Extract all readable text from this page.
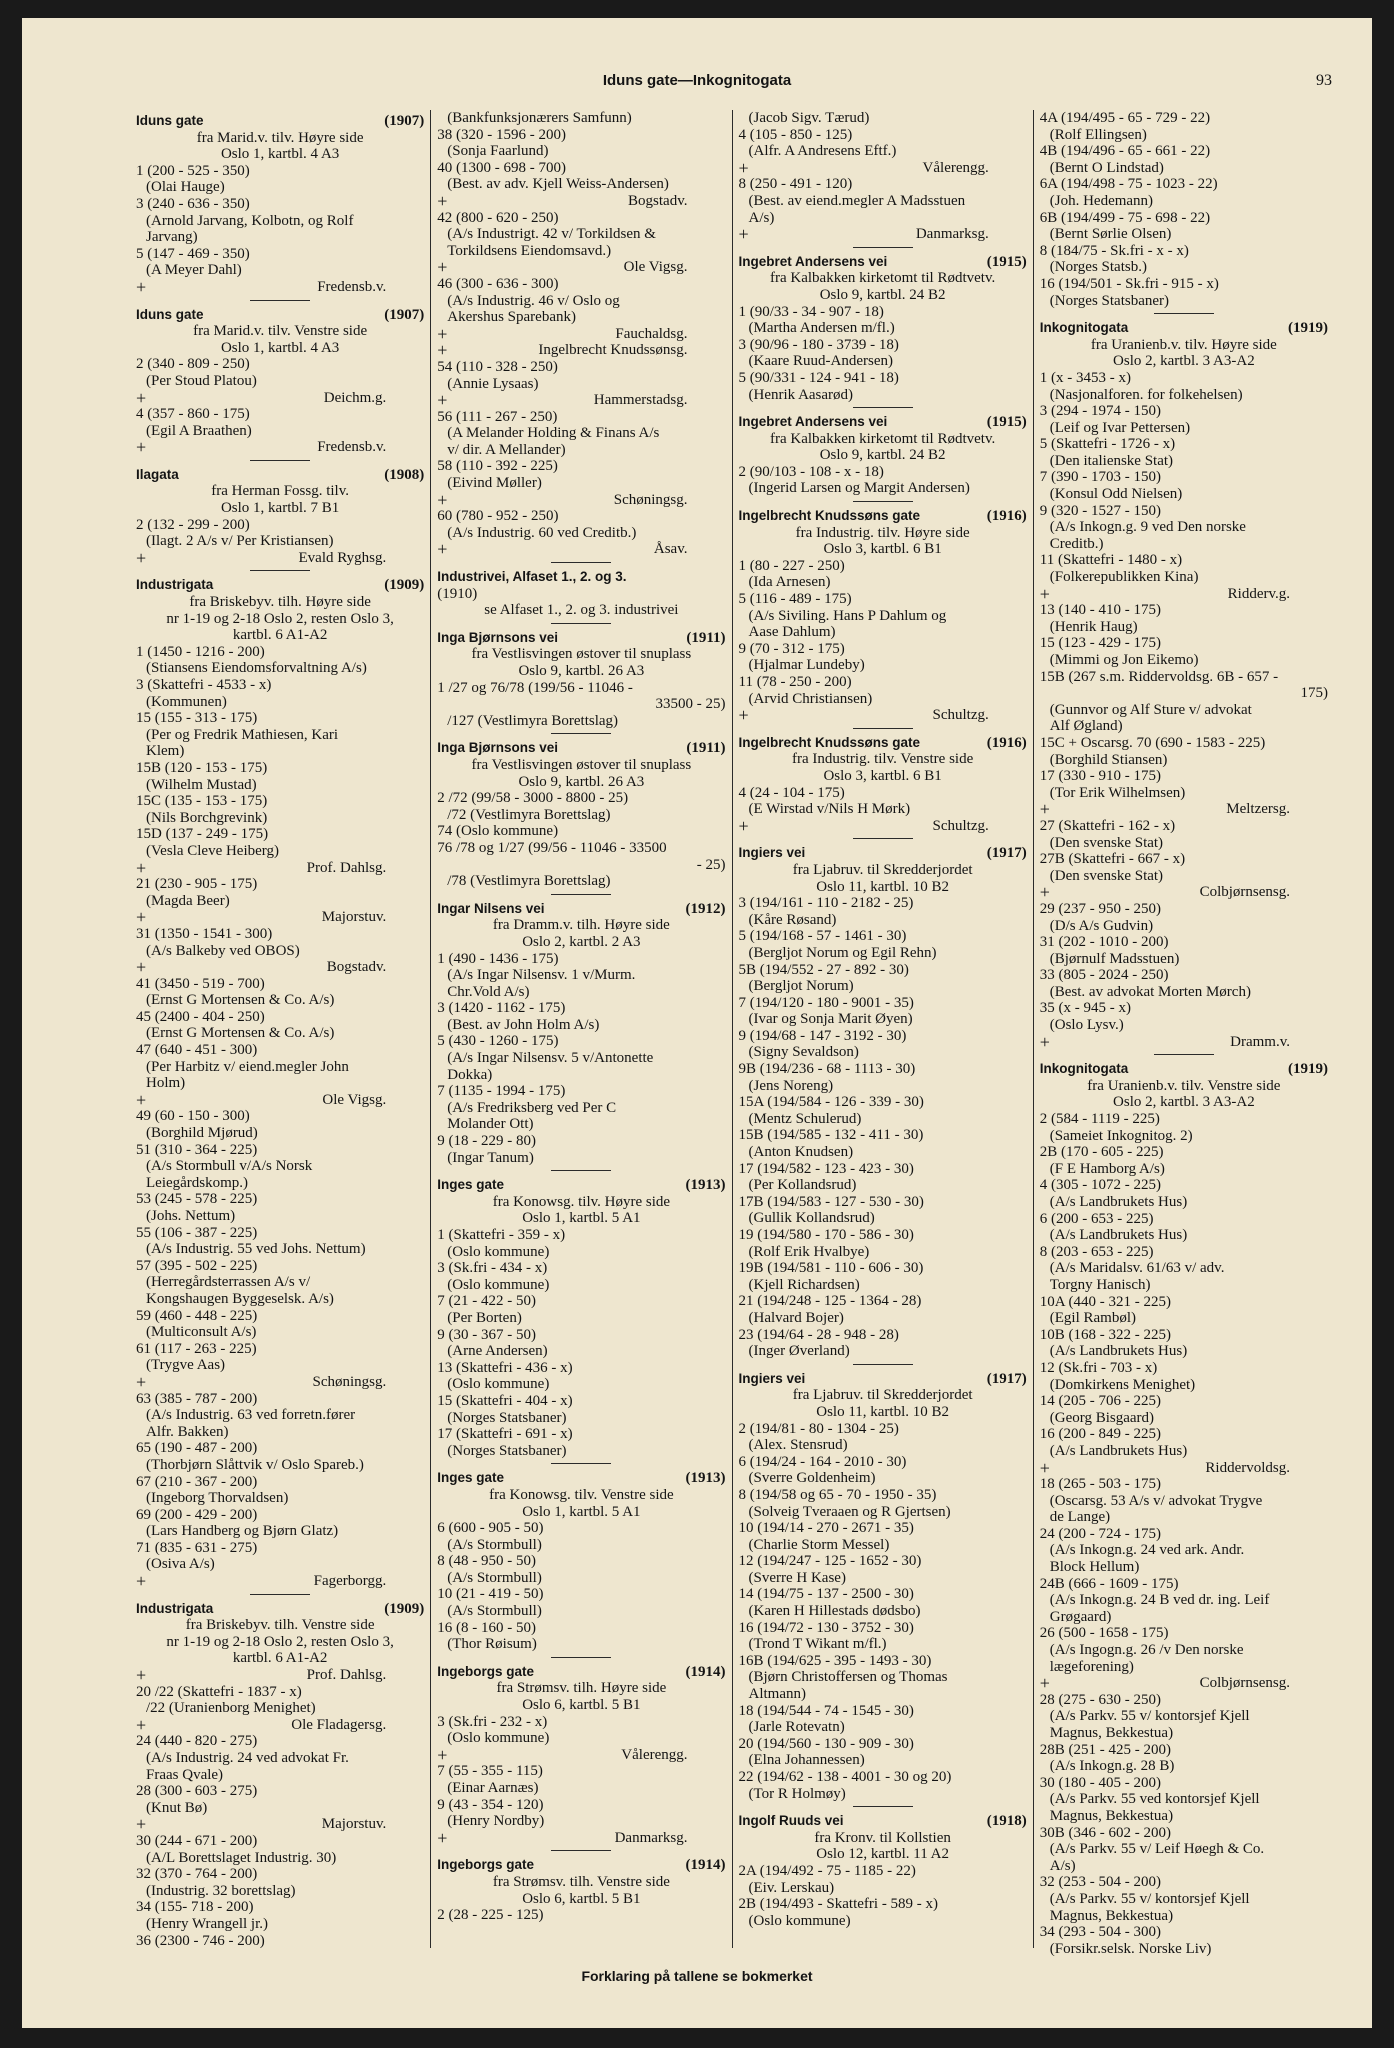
Iduns gate—Inkognitogata	93
Iduns gate	(1907)
fra Marid.v. tilv. Høyre side
Oslo 1, kartbl. 4 A3
1 (200 - 525 - 350)
(Olai Hauge)
3 (240 - 636 - 350)
(Arnold Jarvang, Kolbotn, og Rolf
Jarvang)
5 (147 - 469 - 350)
(A Meyer Dahl)
+	Fredensb.v.
Iduns gate	(1907)
fra Marid.v. tilv. Venstre side
Oslo 1, kartbl. 4 A3
2 (340 - 809 - 250)
(Per Stoud Platou)
+	Deichm.g.
4 (357 - 860 - 175)
(Egil A Braathen)
+	Fredensb.v.
Ilagata	(1908)
fra Herman Fossg. tilv.
Oslo 1, kartbl. 7 B1
2 (132 - 299 - 200)
(Ilagt. 2 A/s v/ Per Kristiansen)
+	Evald Ryghsg.
Industrigata	(1909)
fra Briskebyv. tilh. Høyre side
nr 1-19 og 2-18 Oslo 2, resten Oslo 3,
kartbl. 6 A1-A2
1 (1450 - 1216 - 200)
(Stiansens Eiendomsforvaltning A/s)
3 (Skattefri - 4533 - x)
(Kommunen)
15 (155 - 313 - 175)
(Per og Fredrik Mathiesen, Kari
Klem)
15B (120 - 153 - 175)
(Wilhelm Mustad)
15C (135 - 153 - 175)
(Nils Borchgrevink)
15D (137 - 249 - 175)
(Vesla Cleve Heiberg)
+	Prof. Dahlsg.
21 (230 - 905 - 175)
(Magda Beer)
+	Majorstuv.
31 (1350 - 1541 - 300)
(A/s Balkeby ved OBOS)
+	Bogstadv.
41 (3450 - 519 - 700)
(Ernst G Mortensen & Co. A/s)
45 (2400 - 404 - 250)
(Ernst G Mortensen & Co. A/s)
47 (640 - 451 - 300)
(Per Harbitz v/ eiend.megler John
Holm)
+	Ole Vigsg.
49 (60 - 150 - 300)
(Borghild Mjørud)
51 (310 - 364 - 225)
(A/s Stormbull v/A/s Norsk
Leiegårdskomp.)
53 (245 - 578 - 225)
(Johs. Nettum)
55 (106 - 387 - 225)
(A/s Industrig. 55 ved Johs. Nettum)
57 (395 - 502 - 225)
(Herregårdsterrassen A/s v/
Kongshaugen Byggeselsk. A/s)
59 (460 - 448 - 225)
(Multiconsult A/s)
61 (117 - 263 - 225)
(Trygve Aas)
+	Schøningsg.
63 (385 - 787 - 200)
(A/s Industrig. 63 ved forretn.fører
Alfr. Bakken)
65 (190 - 487 - 200)
(Thorbjørn Slåttvik v/ Oslo Spareb.)
67 (210 - 367 - 200)
(Ingeborg Thorvaldsen)
69 (200 - 429 - 200)
(Lars Handberg og Bjørn Glatz)
71 (835 - 631 - 275)
(Osiva A/s)
+	Fagerborgg.
Industrigata	(1909)
fra Briskebyv. tilh. Venstre side
nr 1-19 og 2-18 Oslo 2, resten Oslo 3,
kartbl. 6 A1-A2
+	Prof. Dahlsg.
20 /22 (Skattefri - 1837 - x)
/22 (Uranienborg Menighet)
+	Ole Fladagersg.
24 (440 - 820 - 275)
(A/s Industrig. 24 ved advokat Fr.
Fraas Qvale)
28 (300 - 603 - 275)
(Knut Bø)
+	Majorstuv.
30 (244 - 671 - 200)
(A/L Borettslaget Industrig. 30)
32 (370 - 764 - 200)
(Industrig. 32 borettslag)
34 (155- 718 - 200)
(Henry Wrangell jr.)
36 (2300 - 746 - 200)
(Bankfunksjonærers Samfunn)
38 (320 - 1596 - 200)
(Sonja Faarlund)
40 (1300 - 698 - 700)
(Best. av adv. Kjell Weiss-Andersen)
+	Bogstadv.
42 (800 - 620 - 250)
(A/s Industrigt. 42 v/ Torkildsen &
Torkildsens Eiendomsavd.)
+	Ole Vigsg.
46 (300 - 636 - 300)
(A/s Industrig. 46 v/ Oslo og
Akershus Sparebank)
+	Fauchaldsg.
+	Ingelbrecht Knudssønsg.
54 (110 - 328 - 250)
(Annie Lysaas)
+	Hammerstadsg.
56 (111 - 267 - 250)
(A Melander Holding & Finans A/s
v/ dir. A Mellander)
58 (110 - 392 - 225)
(Eivind Møller)
+	Schøningsg.
60 (780 - 952 - 250)
(A/s Industrig. 60 ved Creditb.)
+	Åsav.
Industrivei, Alfaset 1., 2. og 3.
(1910)
se Alfaset 1., 2. og 3. industrivei
Inga Bjørnsons vei	(1911)
fra Vestlisvingen østover til snuplass
Oslo 9, kartbl. 26 A3
1 /27 og 76/78 (199/56 - 11046 -
33500 - 25)
/127 (Vestlimyra Borettslag)
Inga Bjørnsons vei	(1911)
fra Vestlisvingen østover til snuplass
Oslo 9, kartbl. 26 A3
2 /72 (99/58 - 3000 - 8800 - 25)
/72 (Vestlimyra Borettslag)
74 (Oslo kommune)
76 /78 og 1/27 (99/56 - 11046 - 33500
- 25)
/78 (Vestlimyra Borettslag)
Ingar Nilsens vei	(1912)
fra Dramm.v. tilh. Høyre side
Oslo 2, kartbl. 2 A3
1 (490 - 1436 - 175)
(A/s Ingar Nilsensv. 1 v/Murm.
Chr.Vold A/s)
3 (1420 - 1162 - 175)
(Best. av John Holm A/s)
5 (430 - 1260 - 175)
(A/s Ingar Nilsensv. 5 v/Antonette
Dokka)
7 (1135 - 1994 - 175)
(A/s Fredriksberg ved Per C
Molander Ott)
9 (18 - 229 - 80)
(Ingar Tanum)
Inges gate	(1913)
fra Konowsg. tilv. Høyre side
Oslo 1, kartbl. 5 A1
1 (Skattefri - 359 - x)
(Oslo kommune)
3 (Sk.fri - 434 - x)
(Oslo kommune)
7 (21 - 422 - 50)
(Per Borten)
9 (30 - 367 - 50)
(Arne Andersen)
13 (Skattefri - 436 - x)
(Oslo kommune)
15 (Skattefri - 404 - x)
(Norges Statsbaner)
17 (Skattefri - 691 - x)
(Norges Statsbaner)
Inges gate	(1913)
fra Konowsg. tilv. Venstre side
Oslo 1, kartbl. 5 A1
6 (600 - 905 - 50)
(A/s Stormbull)
8 (48 - 950 - 50)
(A/s Stormbull)
10 (21 - 419 - 50)
(A/s Stormbull)
16 (8 - 160 - 50)
(Thor Røisum)
Ingeborgs gate	(1914)
fra Strømsv. tilh. Høyre side
Oslo 6, kartbl. 5 B1
3 (Sk.fri - 232 - x)
(Oslo kommune)
+	Vålerengg.
7 (55 - 355 - 115)
(Einar Aarnæs)
9 (43 - 354 - 120)
(Henry Nordby)
+	Danmarksg.
Ingeborgs gate	(1914)
fra Strømsv. tilh. Venstre side
Oslo 6, kartbl. 5 B1
2 (28 - 225 - 125)
(Jacob Sigv. Tærud)
4 (105 - 850 - 125)
(Alfr. A Andresens Eftf.)
+	Vålerengg.
8 (250 - 491 - 120)
(Best. av eiend.megler A Madsstuen
A/s)
+	Danmarksg.
Ingebret Andersens vei	(1915)
fra Kalbakken kirketomt til Rødtvetv.
Oslo 9, kartbl. 24 B2
1 (90/33 - 34 - 907 - 18)
(Martha Andersen m/fl.)
3 (90/96 - 180 - 3739 - 18)
(Kaare Ruud-Andersen)
5 (90/331 - 124 - 941 - 18)
(Henrik Aasarød)
Ingebret Andersens vei	(1915)
fra Kalbakken kirketomt til Rødtvetv.
Oslo 9, kartbl. 24 B2
2 (90/103 - 108 - x - 18)
(Ingerid Larsen og Margit Andersen)
Ingelbrecht Knudssøns gate	(1916)
fra Industrig. tilv. Høyre side
Oslo 3, kartbl. 6 B1
1 (80 - 227 - 250)
(Ida Arnesen)
5 (116 - 489 - 175)
(A/s Siviling. Hans P Dahlum og
Aase Dahlum)
9 (70 - 312 - 175)
(Hjalmar Lundeby)
11 (78 - 250 - 200)
(Arvid Christiansen)
+	Schultzg.
Ingelbrecht Knudssøns gate	(1916)
fra Industrig. tilv. Venstre side
Oslo 3, kartbl. 6 B1
4 (24 - 104 - 175)
(E Wirstad v/Nils H Mørk)
+	Schultzg.
Ingiers vei	(1917)
fra Ljabruv. til Skredderjordet
Oslo 11, kartbl. 10 B2
3 (194/161 - 110 - 2182 - 25)
(Kåre Røsand)
5 (194/168 - 57 - 1461 - 30)
(Bergljot Norum og Egil Rehn)
5B (194/552 - 27 - 892 - 30)
(Bergljot Norum)
7 (194/120 - 180 - 9001 - 35)
(Ivar og Sonja Marit Øyen)
9 (194/68 - 147 - 3192 - 30)
(Signy Sevaldson)
9B (194/236 - 68 - 1113 - 30)
(Jens Noreng)
15A (194/584 - 126 - 339 - 30)
(Mentz Schulerud)
15B (194/585 - 132 - 411 - 30)
(Anton Knudsen)
17 (194/582 - 123 - 423 - 30)
(Per Kollandsrud)
17B (194/583 - 127 - 530 - 30)
(Gullik Kollandsrud)
19 (194/580 - 170 - 586 - 30)
(Rolf Erik Hvalbye)
19B (194/581 - 110 - 606 - 30)
(Kjell Richardsen)
21 (194/248 - 125 - 1364 - 28)
(Halvard Bojer)
23 (194/64 - 28 - 948 - 28)
(Inger Øverland)
Ingiers vei	(1917)
fra Ljabruv. til Skredderjordet
Oslo 11, kartbl. 10 B2
2 (194/81 - 80 - 1304 - 25)
(Alex. Stensrud)
6 (194/24 - 164 - 2010 - 30)
(Sverre Goldenheim)
8 (194/58 og 65 - 70 - 1950 - 35)
(Solveig Tveraaen og R Gjertsen)
10 (194/14 - 270 - 2671 - 35)
(Charlie Storm Messel)
12 (194/247 - 125 - 1652 - 30)
(Sverre H Kase)
14 (194/75 - 137 - 2500 - 30)
(Karen H Hillestads dødsbo)
16 (194/72 - 130 - 3752 - 30)
(Trond T Wikant m/fl.)
16B (194/625 - 395 - 1493 - 30)
(Bjørn Christoffersen og Thomas
Altmann)
18 (194/544 - 74 - 1545 - 30)
(Jarle Rotevatn)
20 (194/560 - 130 - 909 - 30)
(Elna Johannessen)
22 (194/62 - 138 - 4001 - 30 og 20)
(Tor R Holmøy)
Ingolf Ruuds vei	(1918)
fra Kronv. til Kollstien
Oslo 12, kartbl. 11 A2
2A (194/492 - 75 - 1185 - 22)
(Eiv. Lerskau)
2B (194/493 - Skattefri - 589 - x)
(Oslo kommune)
4A (194/495 - 65 - 729 - 22)
(Rolf Ellingsen)
4B (194/496 - 65 - 661 - 22)
(Bernt O Lindstad)
6A (194/498 - 75 - 1023 - 22)
(Joh. Hedemann)
6B (194/499 - 75 - 698 - 22)
(Bernt Sørlie Olsen)
8 (184/75 - Sk.fri - x - x)
(Norges Statsb.)
16 (194/501 - Sk.fri - 915 - x)
(Norges Statsbaner)
Inkognitogata	(1919)
fra Uranienb.v. tilv. Høyre side
Oslo 2, kartbl. 3 A3-A2
1 (x - 3453 - x)
(Nasjonalforen. for folkehelsen)
3 (294 - 1974 - 150)
(Leif og Ivar Pettersen)
5 (Skattefri - 1726 - x)
(Den italienske Stat)
7 (390 - 1703 - 150)
(Konsul Odd Nielsen)
9 (320 - 1527 - 150)
(A/s Inkogn.g. 9 ved Den norske
Creditb.)
11 (Skattefri - 1480 - x)
(Folkerepublikken Kina)
+	Ridderv.g.
13 (140 - 410 - 175)
(Henrik Haug)
15 (123 - 429 - 175)
(Mimmi og Jon Eikemo)
15B (267 s.m. Riddervoldsg. 6B - 657 -
175)
(Gunnvor og Alf Sture v/ advokat
Alf Øgland)
15C + Oscarsg. 70 (690 - 1583 - 225)
(Borghild Stiansen)
17 (330 - 910 - 175)
(Tor Erik Wilhelmsen)
+	Meltzersg.
27 (Skattefri - 162 - x)
(Den svenske Stat)
27B (Skattefri - 667 - x)
(Den svenske Stat)
+	Colbjørnsensg.
29 (237 - 950 - 250)
(D/s A/s Gudvin)
31 (202 - 1010 - 200)
(Bjørnulf Madsstuen)
33 (805 - 2024 - 250)
(Best. av advokat Morten Mørch)
35 (x - 945 - x)
(Oslo Lysv.)
+	Dramm.v.
Inkognitogata	(1919)
fra Uranienb.v. tilv. Venstre side
Oslo 2, kartbl. 3 A3-A2
2 (584 - 1119 - 225)
(Sameiet Inkognitog. 2)
2B (170 - 605 - 225)
(F E Hamborg A/s)
4 (305 - 1072 - 225)
(A/s Landbrukets Hus)
6 (200 - 653 - 225)
(A/s Landbrukets Hus)
8 (203 - 653 - 225)
(A/s Maridalsv. 61/63 v/ adv.
Torgny Hanisch)
10A (440 - 321 - 225)
(Egil Rambøl)
10B (168 - 322 - 225)
(A/s Landbrukets Hus)
12 (Sk.fri - 703 - x)
(Domkirkens Menighet)
14 (205 - 706 - 225)
(Georg Bisgaard)
16 (200 - 849 - 225)
(A/s Landbrukets Hus)
+	Riddervoldsg.
18 (265 - 503 - 175)
(Oscarsg. 53 A/s v/ advokat Trygve
de Lange)
24 (200 - 724 - 175)
(A/s Inkogn.g. 24 ved ark. Andr.
Block Hellum)
24B (666 - 1609 - 175)
(A/s Inkogn.g. 24 B ved dr. ing. Leif
Grøgaard)
26 (500 - 1658 - 175)
(A/s Ingogn.g. 26 /v Den norske
lægeforening)
+	Colbjørnsensg.
28 (275 - 630 - 250)
(A/s Parkv. 55 v/ kontorsjef Kjell
Magnus, Bekkestua)
28B (251 - 425 - 200)
(A/s Inkogn.g. 28 B)
30 (180 - 405 - 200)
(A/s Parkv. 55 ved kontorsjef Kjell
Magnus, Bekkestua)
30B (346 - 602 - 200)
(A/s Parkv. 55 v/ Leif Høegh & Co.
A/s)
32 (253 - 504 - 200)
(A/s Parkv. 55 v/ kontorsjef Kjell
Magnus, Bekkestua)
34 (293 - 504 - 300)
(Forsikr.selsk. Norske Liv)
Forklaring på tallene se bokmerket
